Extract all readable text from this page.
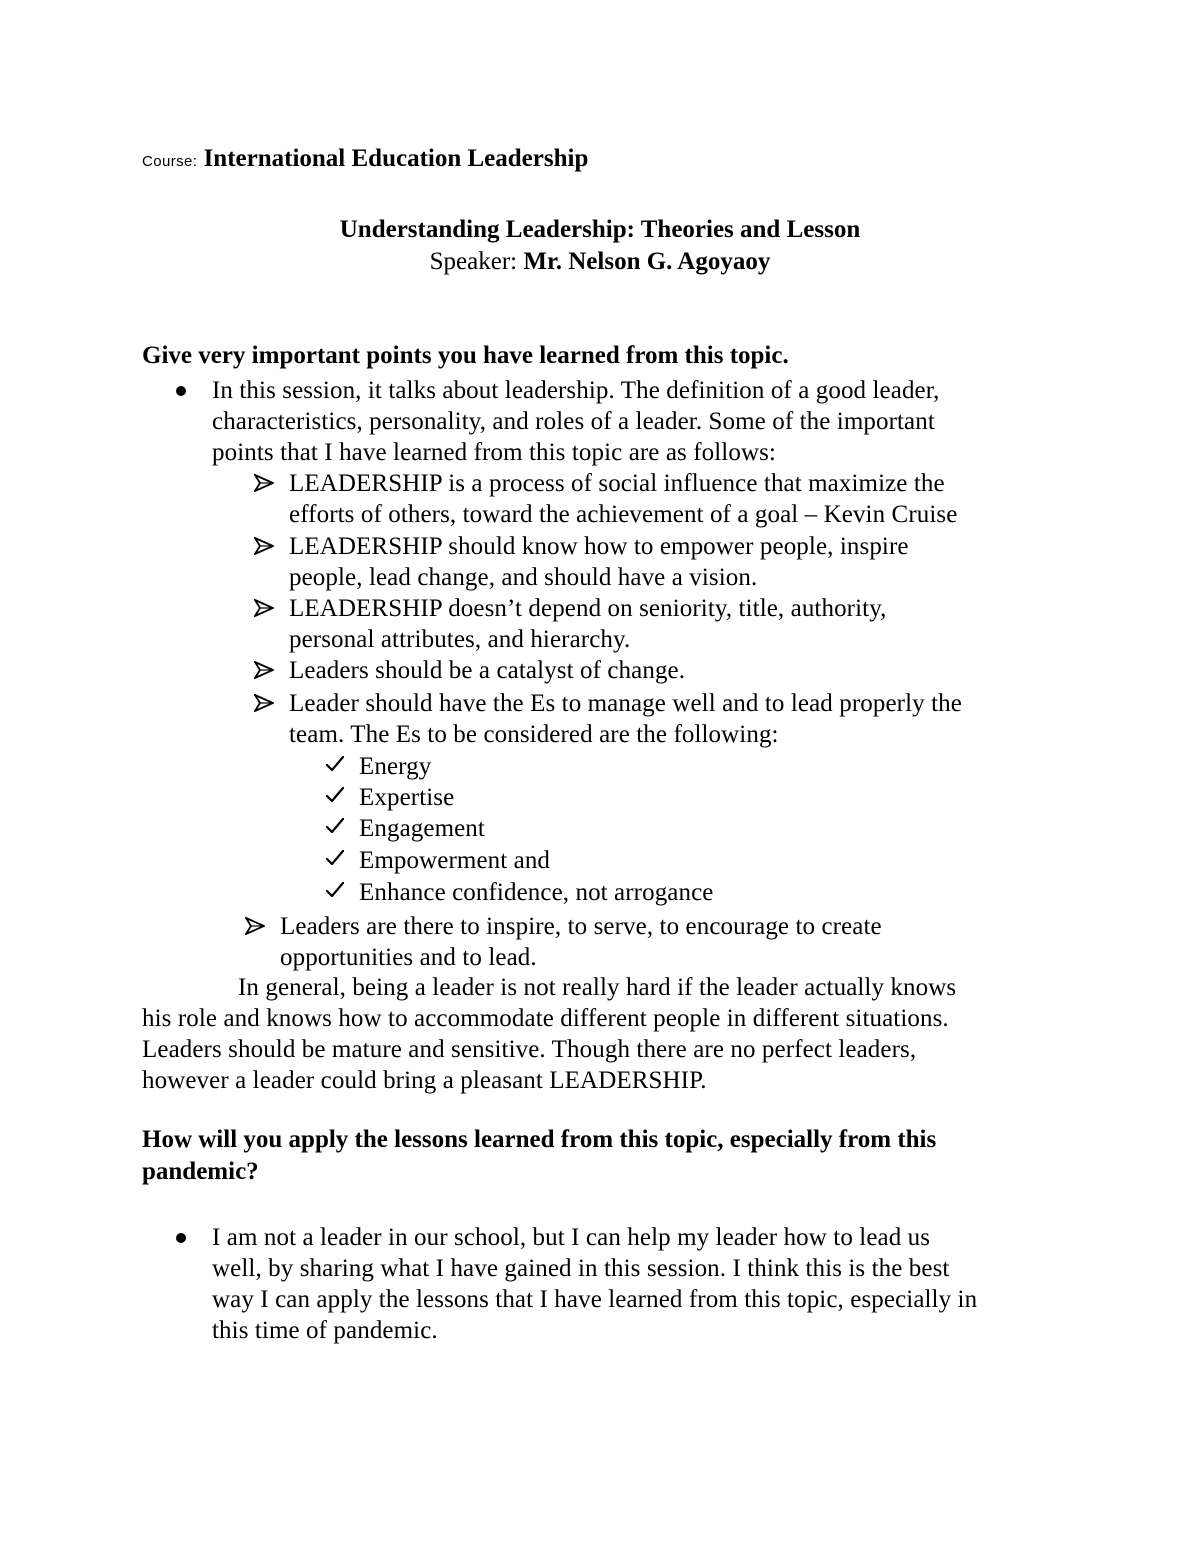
Course: International Education Leadership
Understanding Leadership: Theories and Lesson
Speaker: Mr. Nelson G. Agoyaoy
Give very important points you have learned from this topic.
In this session, it talks about leadership. The definition of a good leader,
characteristics, personality, and roles of a leader. Some of the important
points that I have learned from this topic are as follows:
LEADERSHIP is a process of social influence that maximize the
efforts of others, toward the achievement of a goal – Kevin Cruise
LEADERSHIP should know how to empower people, inspire
people, lead change, and should have a vision.
LEADERSHIP doesn’t depend on seniority, title, authority,
personal attributes, and hierarchy.
Leaders should be a catalyst of change.
Leader should have the Es to manage well and to lead properly the
team. The Es to be considered are the following:
Energy
Expertise
Engagement
Empowerment and
Enhance confidence, not arrogance
Leaders are there to inspire, to serve, to encourage to create
opportunities and to lead.
In general, being a leader is not really hard if the leader actually knows
his role and knows how to accommodate different people in different situations.
Leaders should be mature and sensitive. Though there are no perfect leaders,
however a leader could bring a pleasant LEADERSHIP.
How will you apply the lessons learned from this topic, especially from this
pandemic?
I am not a leader in our school, but I can help my leader how to lead us
well, by sharing what I have gained in this session. I think this is the best
way I can apply the lessons that I have learned from this topic, especially in
this time of pandemic.
